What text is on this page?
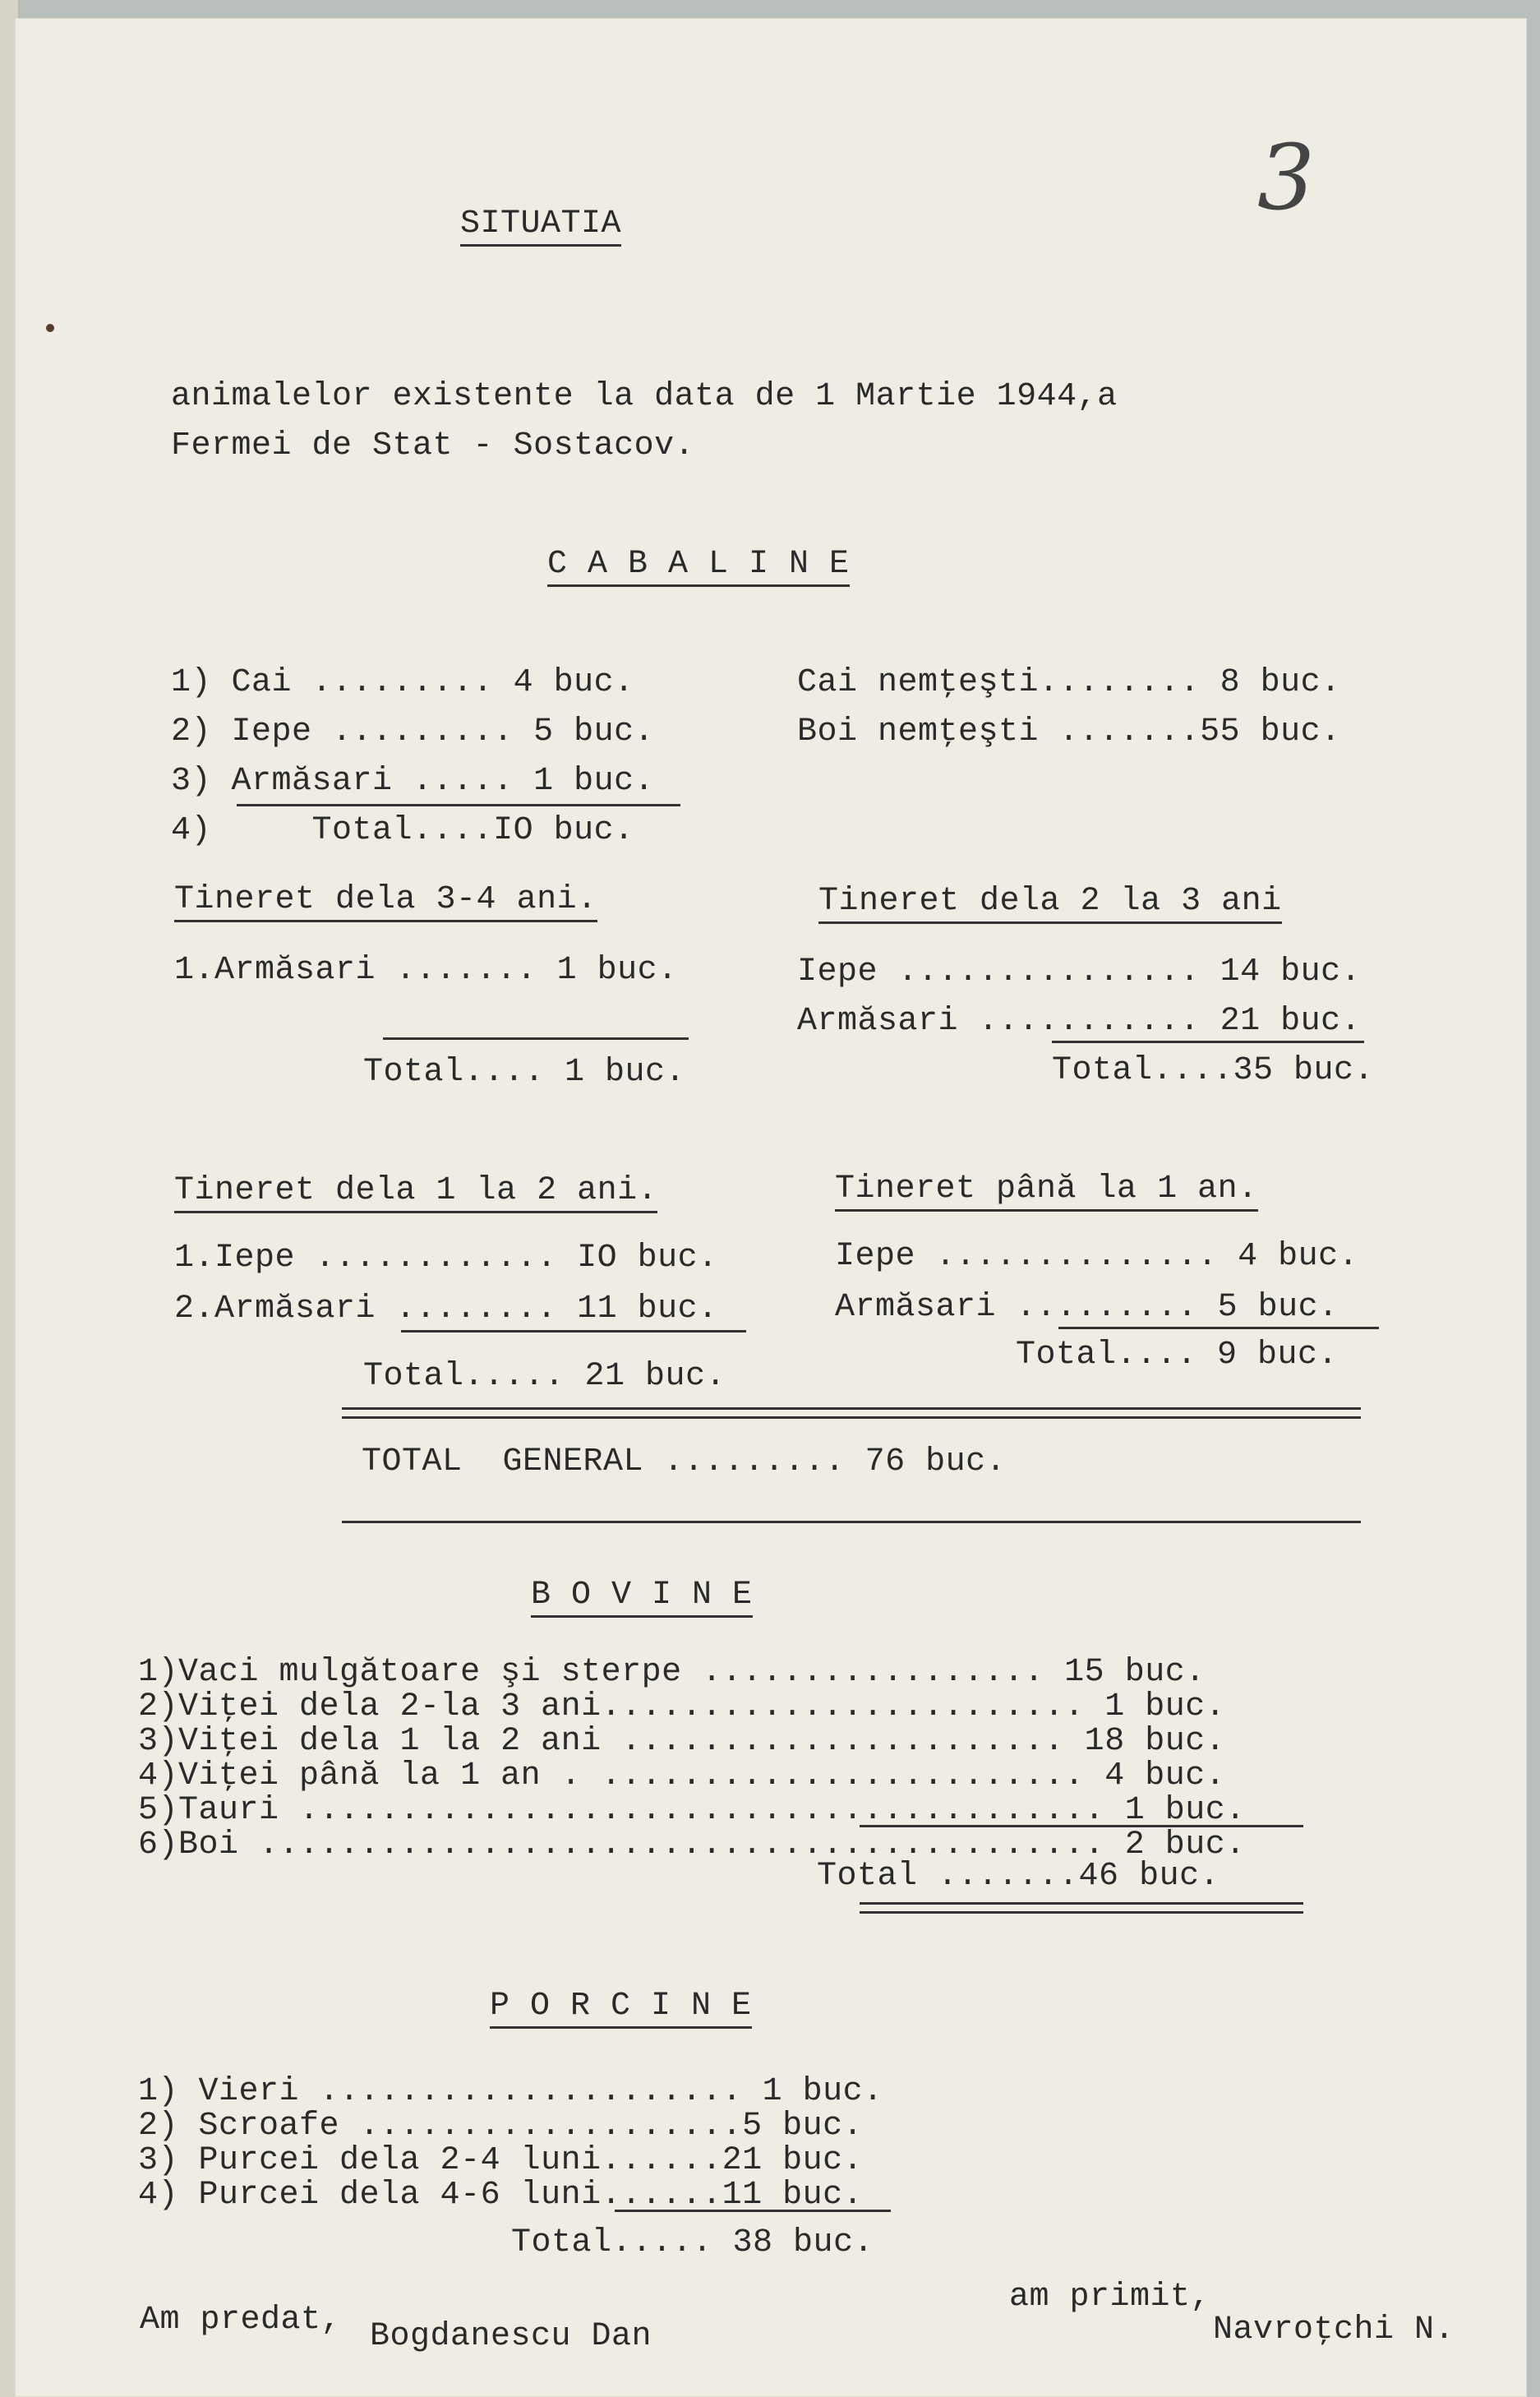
3
SITUATIA
animalelor existente la data de 1 Martie 1944,a
Fermei de Stat - Sostacov.
C A B A L I N E
1) Cai ......... 4 buc.
2) Iepe ......... 5 buc.
3) Armăsari ..... 1 buc.
4)     Total....IO buc.
Cai nemţeşti........ 8 buc.
Boi nemţeşti .......55 buc.
Tineret dela 3-4 ani.
1.Armăsari ....... 1 buc.
Total.... 1 buc.
Tineret dela 2 la 3 ani
Iepe ............... 14 buc.
Armăsari ........... 21 buc.
Total....35 buc.
Tineret dela 1 la 2 ani.
1.Iepe ............ IO buc.
2.Armăsari ........ 11 buc.
Total..... 21 buc.
Tineret până la 1 an.
Iepe .............. 4 buc.
Armăsari ......... 5 buc.
Total.... 9 buc.
TOTAL  GENERAL ......... 76 buc.
B O V I N E
1)Vaci mulgătoare şi sterpe ................. 15 buc.
2)Viţei dela 2-la 3 ani........................ 1 buc.
3)Viţei dela 1 la 2 ani ...................... 18 buc.
4)Viţei până la 1 an . ........................ 4 buc.
5)Tauri ........................................ 1 buc.
6)Boi .......................................... 2 buc.
Total .......46 buc.
P O R C I N E
1) Vieri ..................... 1 buc.
2) Scroafe ...................5 buc.
3) Purcei dela 2-4 luni......21 buc.
4) Purcei dela 4-6 luni......11 buc.
Total..... 38 buc.
Am predat, Bogdanescu Dan
am primit,
Navroţchi N.
